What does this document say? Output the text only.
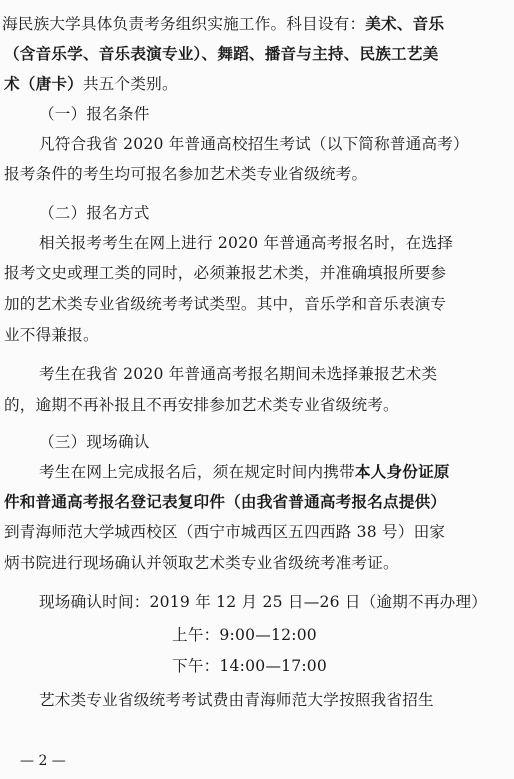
海民族大学具体负责考务组织实施工作。科目设有：美术、音乐
（含音乐学、音乐表演专业）、舞蹈、播音与主持、民族工艺美
术（唐卡）共五个类别。
（一）报名条件
凡符合我省 2020 年普通高校招生考试（以下简称普通高考）
报考条件的考生均可报名参加艺术类专业省级统考。
（二）报名方式
相关报考考生在网上进行 2020 年普通高考报名时，在选择
报考文史或理工类的同时，必须兼报艺术类，并准确填报所要参
加的艺术类专业省级统考考试类型。其中，音乐学和音乐表演专
业不得兼报。
考生在我省 2020 年普通高考报名期间未选择兼报艺术类
的，逾期不再补报且不再安排参加艺术类专业省级统考。
（三）现场确认
考生在网上完成报名后，须在规定时间内携带本人身份证原
件和普通高考报名登记表复印件（由我省普通高考报名点提供）
到青海师范大学城西校区（西宁市城西区五四西路 38 号）田家
炳书院进行现场确认并领取艺术类专业省级统考准考证。
现场确认时间：2019 年 12 月 25 日—26 日（逾期不再办理）
上午：9:00—12:00
下午：14:00—17:00
艺术类专业省级统考考试费由青海师范大学按照我省招生
— 2 —
